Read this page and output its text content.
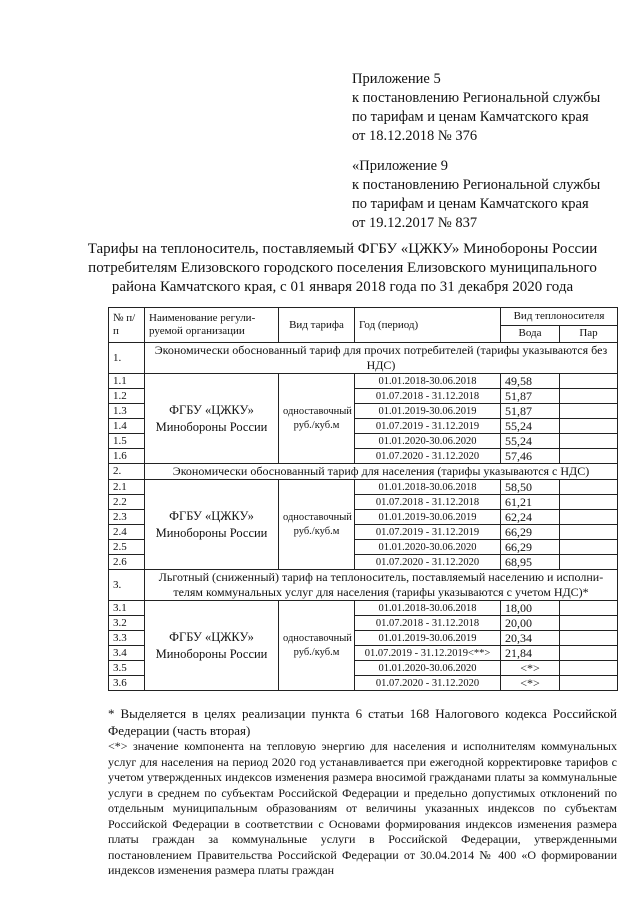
Приложение 5
к постановлению Региональной службы
по тарифам и ценам Камчатского края
от 18.12.2018 № 376
«Приложение 9
к постановлению Региональной службы
по тарифам и ценам Камчатского края
от 19.12.2017 № 837
Тарифы на теплоноситель, поставляемый ФГБУ «ЦЖКУ» Минобороны России
потребителям Елизовского городского поселения Елизовского муниципального
района Камчатского края, с 01 января 2018 года по 31 декабря 2020 года
№ п/п	Наименование регули- руемой организации	Вид тарифа	Год (период)	Вид теплоносителя	
				Вода	Пар
1.	Экономически обоснованный тариф для прочих потребителей (тарифы указываются без НДС)				
1.1	ФГБУ «ЦЖКУ» Минобороны России	одноставочный руб./куб.м	01.01.2018-30.06.2018	49,58	
1.2			01.07.2018 - 31.12.2018	51,87	
1.3			01.01.2019-30.06.2019	51,87	
1.4			01.07.2019 - 31.12.2019	55,24	
1.5			01.01.2020-30.06.2020	55,24	
1.6			01.07.2020 - 31.12.2020	57,46	
2.	Экономически обоснованный тариф для населения (тарифы указываются с НДС)				
2.1	ФГБУ «ЦЖКУ» Минобороны России	одноставочный руб./куб.м	01.01.2018-30.06.2018	58,50	
2.2			01.07.2018 - 31.12.2018	61,21	
2.3			01.01.2019-30.06.2019	62,24	
2.4			01.07.2019 - 31.12.2019	66,29	
2.5			01.01.2020-30.06.2020	66,29	
2.6			01.07.2020 - 31.12.2020	68,95	
3.	Льготный (сниженный) тариф на теплоноситель, поставляемый населению и исполни- телям коммунальных услуг для населения (тарифы указываются с учетом НДС)*				
3.1	ФГБУ «ЦЖКУ» Минобороны России	одноставочный руб./куб.м	01.01.2018-30.06.2018	18,00	
3.2			01.07.2018 - 31.12.2018	20,00	
3.3			01.01.2019-30.06.2019	20,34	
3.4			01.07.2019 - 31.12.2019<**>	21,84	
3.5			01.01.2020-30.06.2020	<*>	
3.6			01.07.2020 - 31.12.2020	<*>	

* Выделяется в целях реализации пункта 6 статьи 168 Налогового кодекса Российской Федерации (часть вторая)

<*> значение компонента на тепловую энергию для населения и исполнителям коммунальных услуг для населения на период 2020 год устанавливается при ежегодной корректировке тарифов с учетом утвержденных индексов изменения размера вносимой гражданами платы за коммунальные услуги в среднем по субъектам Российской Федерации и предельно допустимых отклонений по отдельным муниципальным образованиям от величины указанных индексов по субъектам Российской Федерации в соответствии с Основами формирования индексов изменения размера платы граждан за коммунальные услуги в Российской Федерации, утвержденными постановлением Правительства Российской Федерации от 30.04.2014 № 400 «О формировании индексов изменения размера платы граждан
